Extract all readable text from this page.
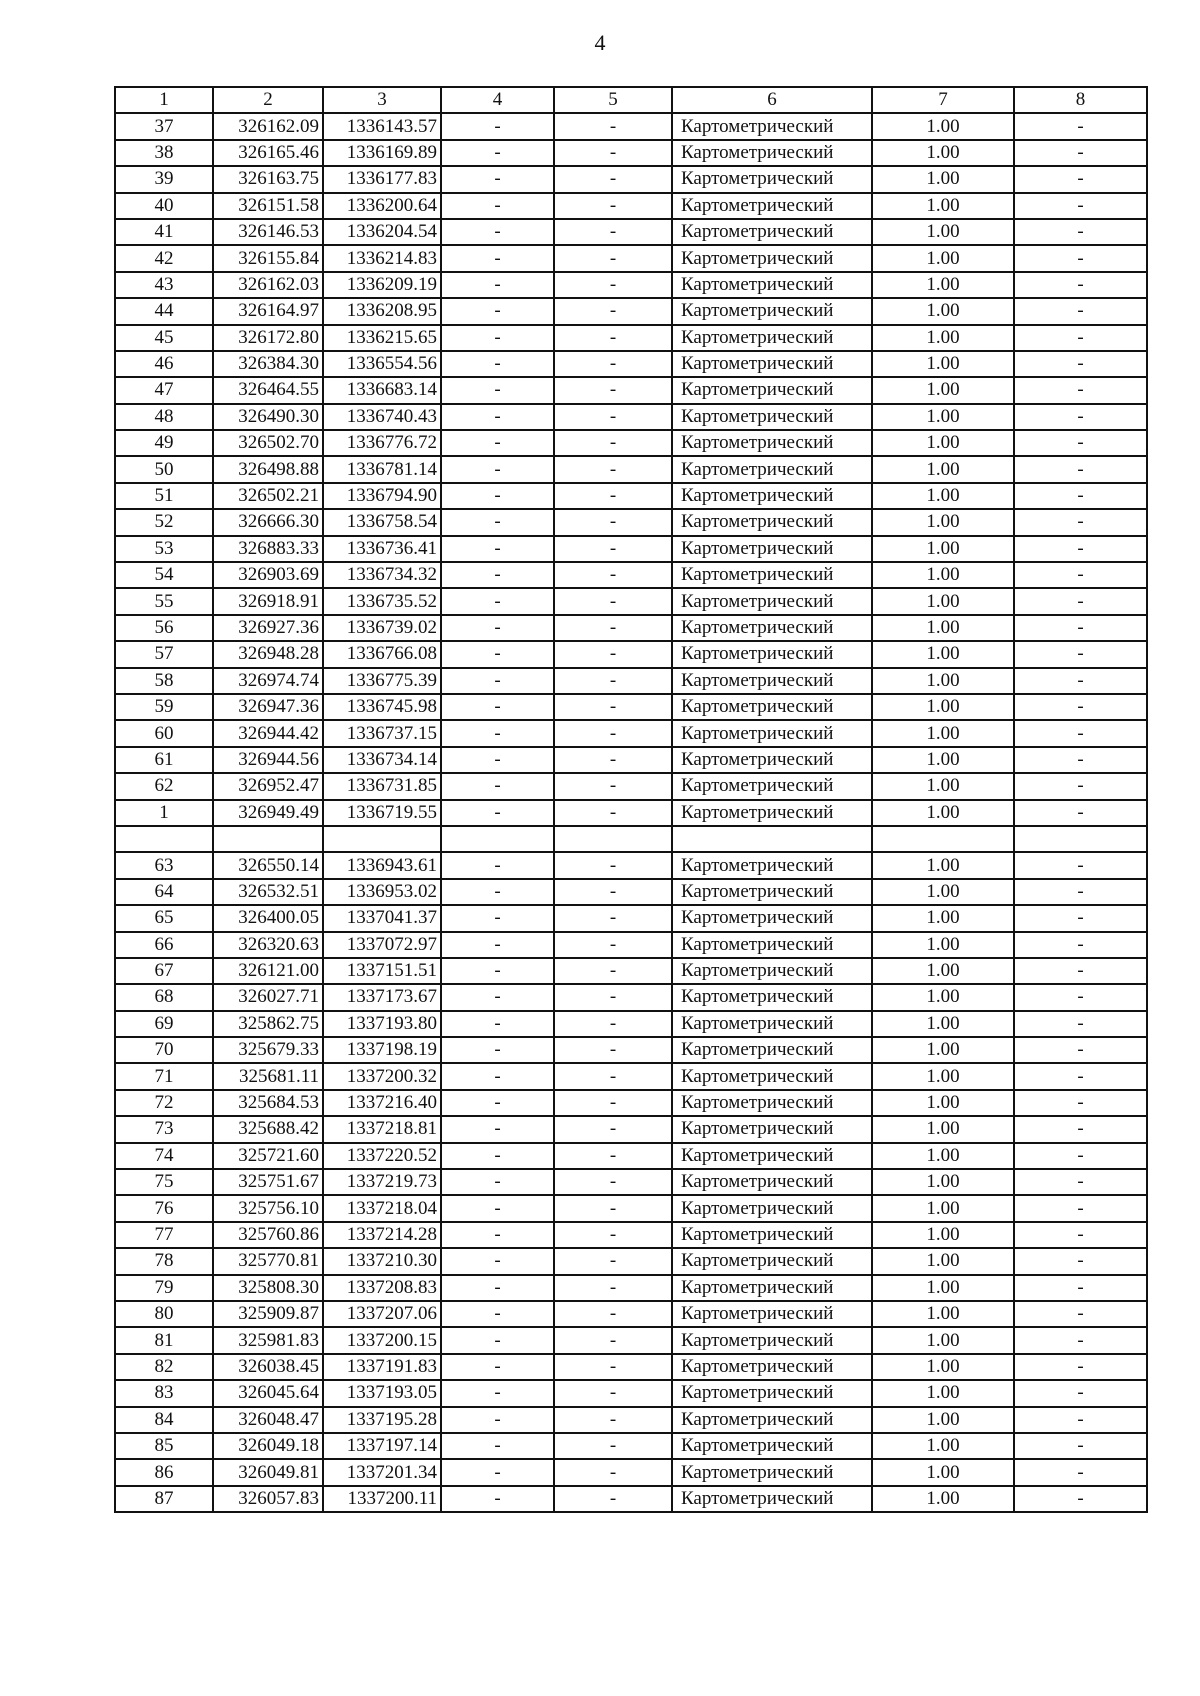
4
1	2	3	4	5	6	7	8
37	326162.09	1336143.57	-	-	Картометрический	1.00	-
38	326165.46	1336169.89	-	-	Картометрический	1.00	-
39	326163.75	1336177.83	-	-	Картометрический	1.00	-
40	326151.58	1336200.64	-	-	Картометрический	1.00	-
41	326146.53	1336204.54	-	-	Картометрический	1.00	-
42	326155.84	1336214.83	-	-	Картометрический	1.00	-
43	326162.03	1336209.19	-	-	Картометрический	1.00	-
44	326164.97	1336208.95	-	-	Картометрический	1.00	-
45	326172.80	1336215.65	-	-	Картометрический	1.00	-
46	326384.30	1336554.56	-	-	Картометрический	1.00	-
47	326464.55	1336683.14	-	-	Картометрический	1.00	-
48	326490.30	1336740.43	-	-	Картометрический	1.00	-
49	326502.70	1336776.72	-	-	Картометрический	1.00	-
50	326498.88	1336781.14	-	-	Картометрический	1.00	-
51	326502.21	1336794.90	-	-	Картометрический	1.00	-
52	326666.30	1336758.54	-	-	Картометрический	1.00	-
53	326883.33	1336736.41	-	-	Картометрический	1.00	-
54	326903.69	1336734.32	-	-	Картометрический	1.00	-
55	326918.91	1336735.52	-	-	Картометрический	1.00	-
56	326927.36	1336739.02	-	-	Картометрический	1.00	-
57	326948.28	1336766.08	-	-	Картометрический	1.00	-
58	326974.74	1336775.39	-	-	Картометрический	1.00	-
59	326947.36	1336745.98	-	-	Картометрический	1.00	-
60	326944.42	1336737.15	-	-	Картометрический	1.00	-
61	326944.56	1336734.14	-	-	Картометрический	1.00	-
62	326952.47	1336731.85	-	-	Картометрический	1.00	-
1	326949.49	1336719.55	-	-	Картометрический	1.00	-

63	326550.14	1336943.61	-	-	Картометрический	1.00	-
64	326532.51	1336953.02	-	-	Картометрический	1.00	-
65	326400.05	1337041.37	-	-	Картометрический	1.00	-
66	326320.63	1337072.97	-	-	Картометрический	1.00	-
67	326121.00	1337151.51	-	-	Картометрический	1.00	-
68	326027.71	1337173.67	-	-	Картометрический	1.00	-
69	325862.75	1337193.80	-	-	Картометрический	1.00	-
70	325679.33	1337198.19	-	-	Картометрический	1.00	-
71	325681.11	1337200.32	-	-	Картометрический	1.00	-
72	325684.53	1337216.40	-	-	Картометрический	1.00	-
73	325688.42	1337218.81	-	-	Картометрический	1.00	-
74	325721.60	1337220.52	-	-	Картометрический	1.00	-
75	325751.67	1337219.73	-	-	Картометрический	1.00	-
76	325756.10	1337218.04	-	-	Картометрический	1.00	-
77	325760.86	1337214.28	-	-	Картометрический	1.00	-
78	325770.81	1337210.30	-	-	Картометрический	1.00	-
79	325808.30	1337208.83	-	-	Картометрический	1.00	-
80	325909.87	1337207.06	-	-	Картометрический	1.00	-
81	325981.83	1337200.15	-	-	Картометрический	1.00	-
82	326038.45	1337191.83	-	-	Картометрический	1.00	-
83	326045.64	1337193.05	-	-	Картометрический	1.00	-
84	326048.47	1337195.28	-	-	Картометрический	1.00	-
85	326049.18	1337197.14	-	-	Картометрический	1.00	-
86	326049.81	1337201.34	-	-	Картометрический	1.00	-
87	326057.83	1337200.11	-	-	Картометрический	1.00	-
